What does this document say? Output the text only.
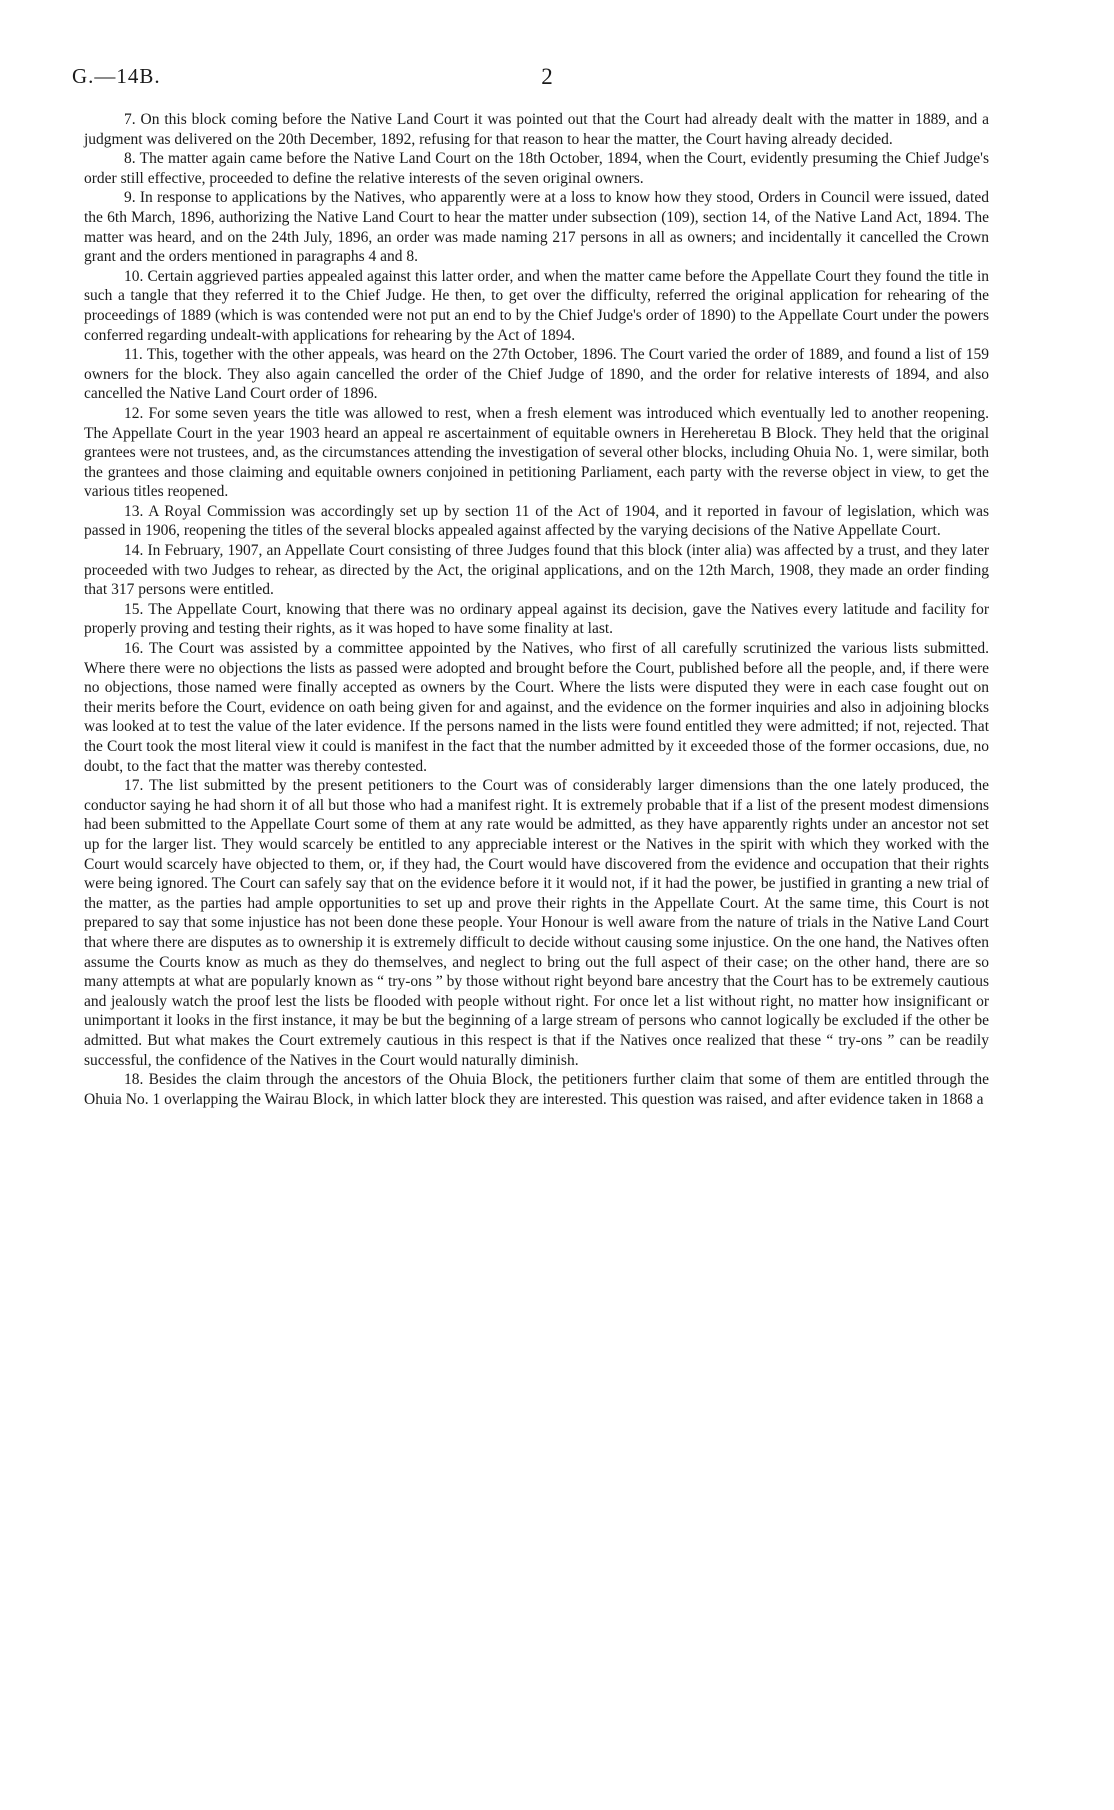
G.—14B.	2

7. On this block coming before the Native Land Court it was pointed out that the Court had already dealt with the matter in 1889, and a judgment was delivered on the 20th December, 1892, refusing for that reason to hear the matter, the Court having already decided.

8. The matter again came before the Native Land Court on the 18th October, 1894, when the Court, evidently presuming the Chief Judge's order still effective, proceeded to define the relative interests of the seven original owners.

9. In response to applications by the Natives, who apparently were at a loss to know how they stood, Orders in Council were issued, dated the 6th March, 1896, authorizing the Native Land Court to hear the matter under subsection (109), section 14, of the Native Land Act, 1894. The matter was heard, and on the 24th July, 1896, an order was made naming 217 persons in all as owners; and incidentally it cancelled the Crown grant and the orders mentioned in paragraphs 4 and 8.

10. Certain aggrieved parties appealed against this latter order, and when the matter came before the Appellate Court they found the title in such a tangle that they referred it to the Chief Judge. He then, to get over the difficulty, referred the original application for rehearing of the proceedings of 1889 (which is was contended were not put an end to by the Chief Judge's order of 1890) to the Appellate Court under the powers conferred regarding undealt-with applications for rehearing by the Act of 1894.

11. This, together with the other appeals, was heard on the 27th October, 1896. The Court varied the order of 1889, and found a list of 159 owners for the block. They also again cancelled the order of the Chief Judge of 1890, and the order for relative interests of 1894, and also cancelled the Native Land Court order of 1896.

12. For some seven years the title was allowed to rest, when a fresh element was introduced which eventually led to another reopening. The Appellate Court in the year 1903 heard an appeal re ascertainment of equitable owners in Hereheretau B Block. They held that the original grantees were not trustees, and, as the circumstances attending the investigation of several other blocks, including Ohuia No. 1, were similar, both the grantees and those claiming and equitable owners conjoined in petitioning Parliament, each party with the reverse object in view, to get the various titles reopened.

13. A Royal Commission was accordingly set up by section 11 of the Act of 1904, and it reported in favour of legislation, which was passed in 1906, reopening the titles of the several blocks appealed against affected by the varying decisions of the Native Appellate Court.

14. In February, 1907, an Appellate Court consisting of three Judges found that this block (inter alia) was affected by a trust, and they later proceeded with two Judges to rehear, as directed by the Act, the original applications, and on the 12th March, 1908, they made an order finding that 317 persons were entitled.

15. The Appellate Court, knowing that there was no ordinary appeal against its decision, gave the Natives every latitude and facility for properly proving and testing their rights, as it was hoped to have some finality at last.

16. The Court was assisted by a committee appointed by the Natives, who first of all carefully scrutinized the various lists submitted. Where there were no objections the lists as passed were adopted and brought before the Court, published before all the people, and, if there were no objections, those named were finally accepted as owners by the Court. Where the lists were disputed they were in each case fought out on their merits before the Court, evidence on oath being given for and against, and the evidence on the former inquiries and also in adjoining blocks was looked at to test the value of the later evidence. If the persons named in the lists were found entitled they were admitted; if not, rejected. That the Court took the most literal view it could is manifest in the fact that the number admitted by it exceeded those of the former occasions, due, no doubt, to the fact that the matter was thereby contested.

17. The list submitted by the present petitioners to the Court was of considerably larger dimensions than the one lately produced, the conductor saying he had shorn it of all but those who had a manifest right. It is extremely probable that if a list of the present modest dimensions had been submitted to the Appellate Court some of them at any rate would be admitted, as they have apparently rights under an ancestor not set up for the larger list. They would scarcely be entitled to any appreciable interest or the Natives in the spirit with which they worked with the Court would scarcely have objected to them, or, if they had, the Court would have discovered from the evidence and occupation that their rights were being ignored. The Court can safely say that on the evidence before it it would not, if it had the power, be justified in granting a new trial of the matter, as the parties had ample opportunities to set up and prove their rights in the Appellate Court. At the same time, this Court is not prepared to say that some injustice has not been done these people. Your Honour is well aware from the nature of trials in the Native Land Court that where there are disputes as to ownership it is extremely difficult to decide without causing some injustice. On the one hand, the Natives often assume the Courts know as much as they do themselves, and neglect to bring out the full aspect of their case; on the other hand, there are so many attempts at what are popularly known as “ try-ons ” by those without right beyond bare ancestry that the Court has to be extremely cautious and jealously watch the proof lest the lists be flooded with people without right. For once let a list without right, no matter how insignificant or unimportant it looks in the first instance, it may be but the beginning of a large stream of persons who cannot logically be excluded if the other be admitted. But what makes the Court extremely cautious in this respect is that if the Natives once realized that these “ try-ons ” can be readily successful, the confidence of the Natives in the Court would naturally diminish.

18. Besides the claim through the ancestors of the Ohuia Block, the petitioners further claim that some of them are entitled through the Ohuia No. 1 overlapping the Wairau Block, in which latter block they are interested. This question was raised, and after evidence taken in 1868 a
